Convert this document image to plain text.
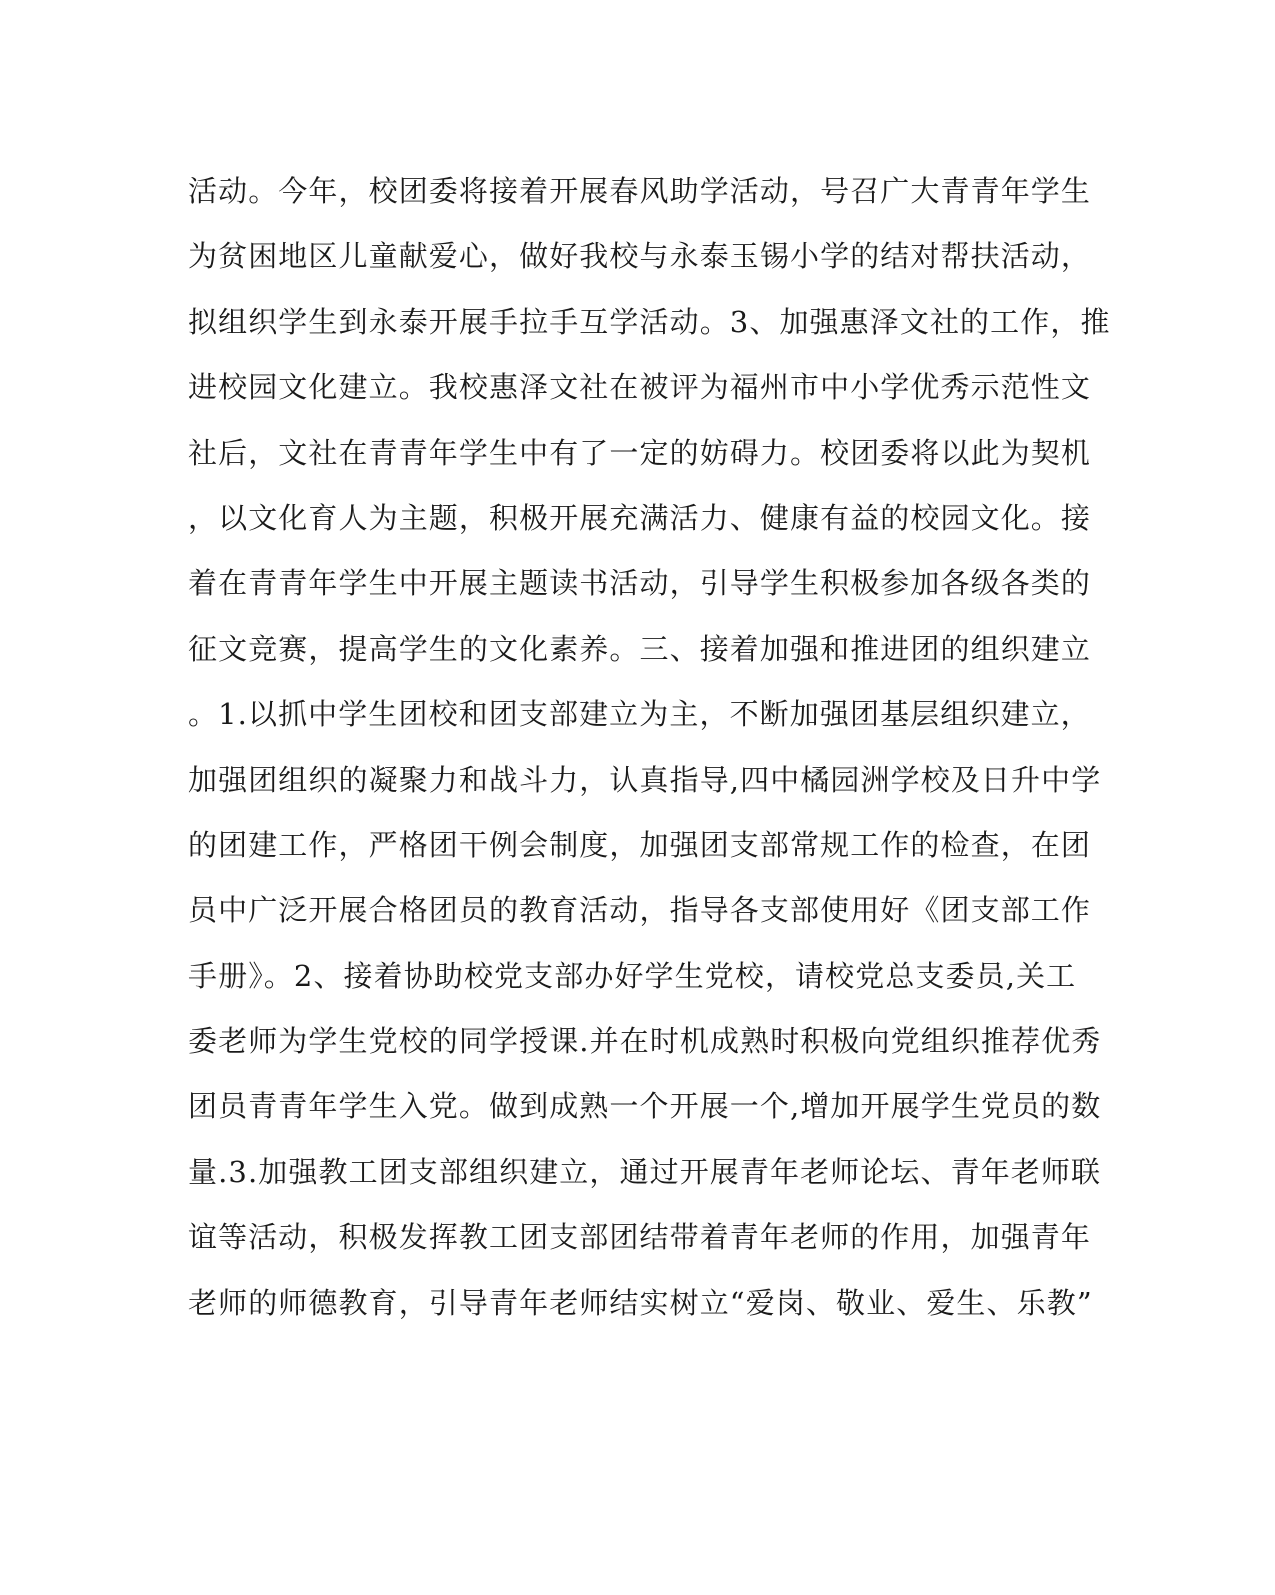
活动。今年，校团委将接着开展春风助学活动，号召广大青青年学生
为贫困地区儿童献爱心，做好我校与永泰玉锡小学的结对帮扶活动，
拟组织学生到永泰开展手拉手互学活动。3、加强惠泽文社的工作，推
进校园文化建立。我校惠泽文社在被评为福州市中小学优秀示范性文
社后，文社在青青年学生中有了一定的妨碍力。校团委将以此为契机
，以文化育人为主题，积极开展充满活力、健康有益的校园文化。接
着在青青年学生中开展主题读书活动，引导学生积极参加各级各类的
征文竞赛，提高学生的文化素养。三、接着加强和推进团的组织建立
。1.以抓中学生团校和团支部建立为主，不断加强团基层组织建立，
加强团组织的凝聚力和战斗力，认真指导,四中橘园洲学校及日升中学
的团建工作，严格团干例会制度，加强团支部常规工作的检查，在团
员中广泛开展合格团员的教育活动，指导各支部使用好《团支部工作
手册》。2、接着协助校党支部办好学生党校，请校党总支委员,关工
委老师为学生党校的同学授课.并在时机成熟时积极向党组织推荐优秀
团员青青年学生入党。做到成熟一个开展一个,增加开展学生党员的数
量.3.加强教工团支部组织建立，通过开展青年老师论坛、青年老师联
谊等活动，积极发挥教工团支部团结带着青年老师的作用，加强青年
老师的师德教育，引导青年老师结实树立“爱岗、敬业、爱生、乐教”
